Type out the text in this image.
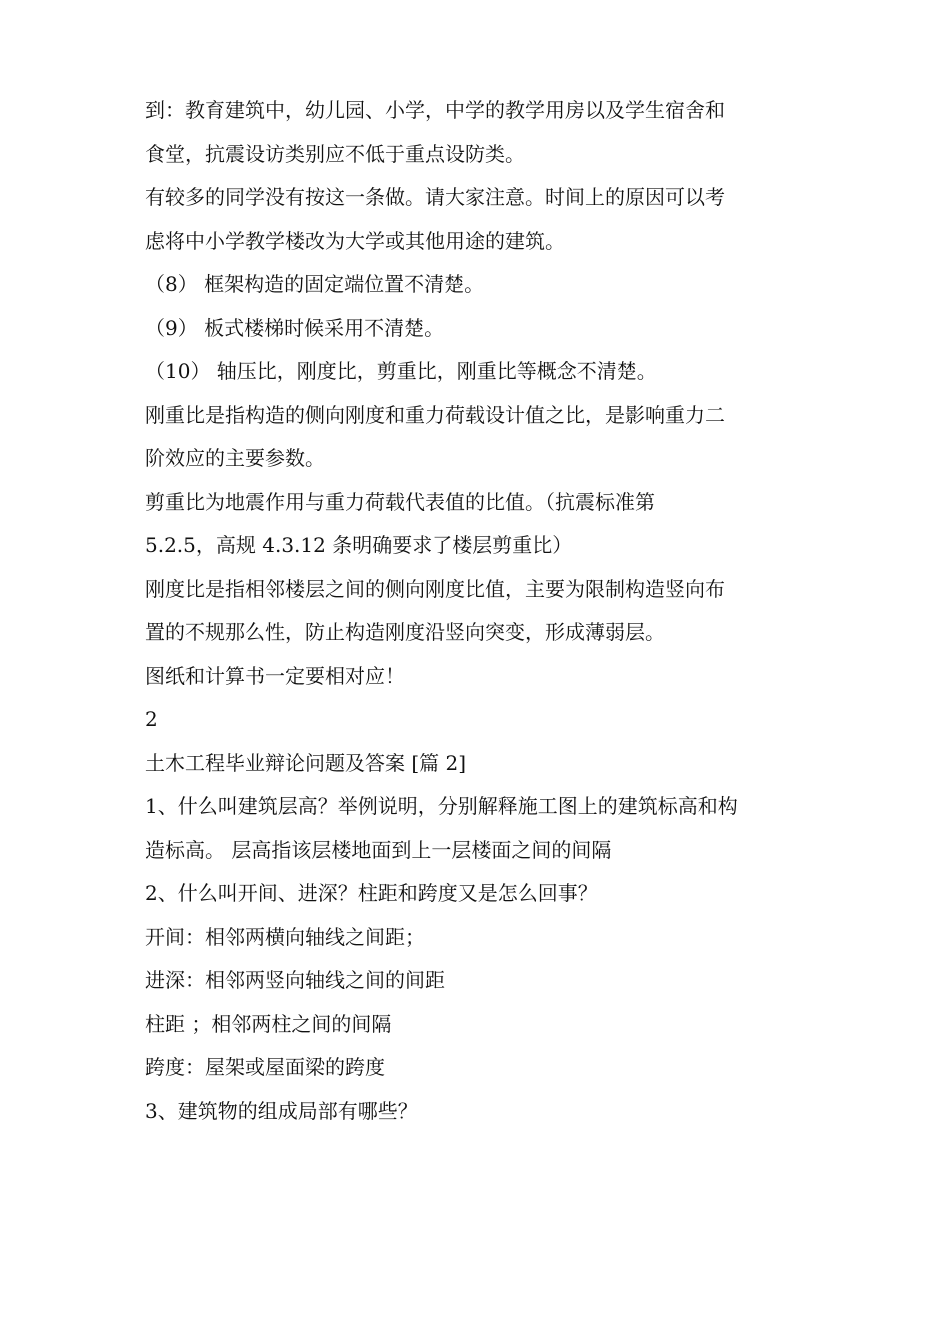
到：教育建筑中，幼儿园、小学，中学的教学用房以及学生宿舍和

食堂，抗震设访类别应不低于重点设防类。

有较多的同学没有按这一条做。请大家注意。时间上的原因可以考

虑将中小学教学楼改为大学或其他用途的建筑。

（8） 框架构造的固定端位置不清楚。

（9） 板式楼梯时候采用不清楚。

（10） 轴压比，刚度比，剪重比，刚重比等概念不清楚。

刚重比是指构造的侧向刚度和重力荷载设计值之比，是影响重力二

阶效应的主要参数。

剪重比为地震作用与重力荷载代表值的比值。（抗震标准第

5.2.5，高规 4.3.12 条明确要求了楼层剪重比）

刚度比是指相邻楼层之间的侧向刚度比值，主要为限制构造竖向布

置的不规那么性，防止构造刚度沿竖向突变，形成薄弱层。

图纸和计算书一定要相对应！

2

土木工程毕业辩论问题及答案 [篇 2]

1、什么叫建筑层高？举例说明，分别解释施工图上的建筑标高和构

造标高。 层高指该层楼地面到上一层楼面之间的间隔

2、什么叫开间、进深？柱距和跨度又是怎么回事？

开间：相邻两横向轴线之间距；

进深：相邻两竖向轴线之间的间距

柱距 ；相邻两柱之间的间隔

跨度：屋架或屋面梁的跨度

3、建筑物的组成局部有哪些？
